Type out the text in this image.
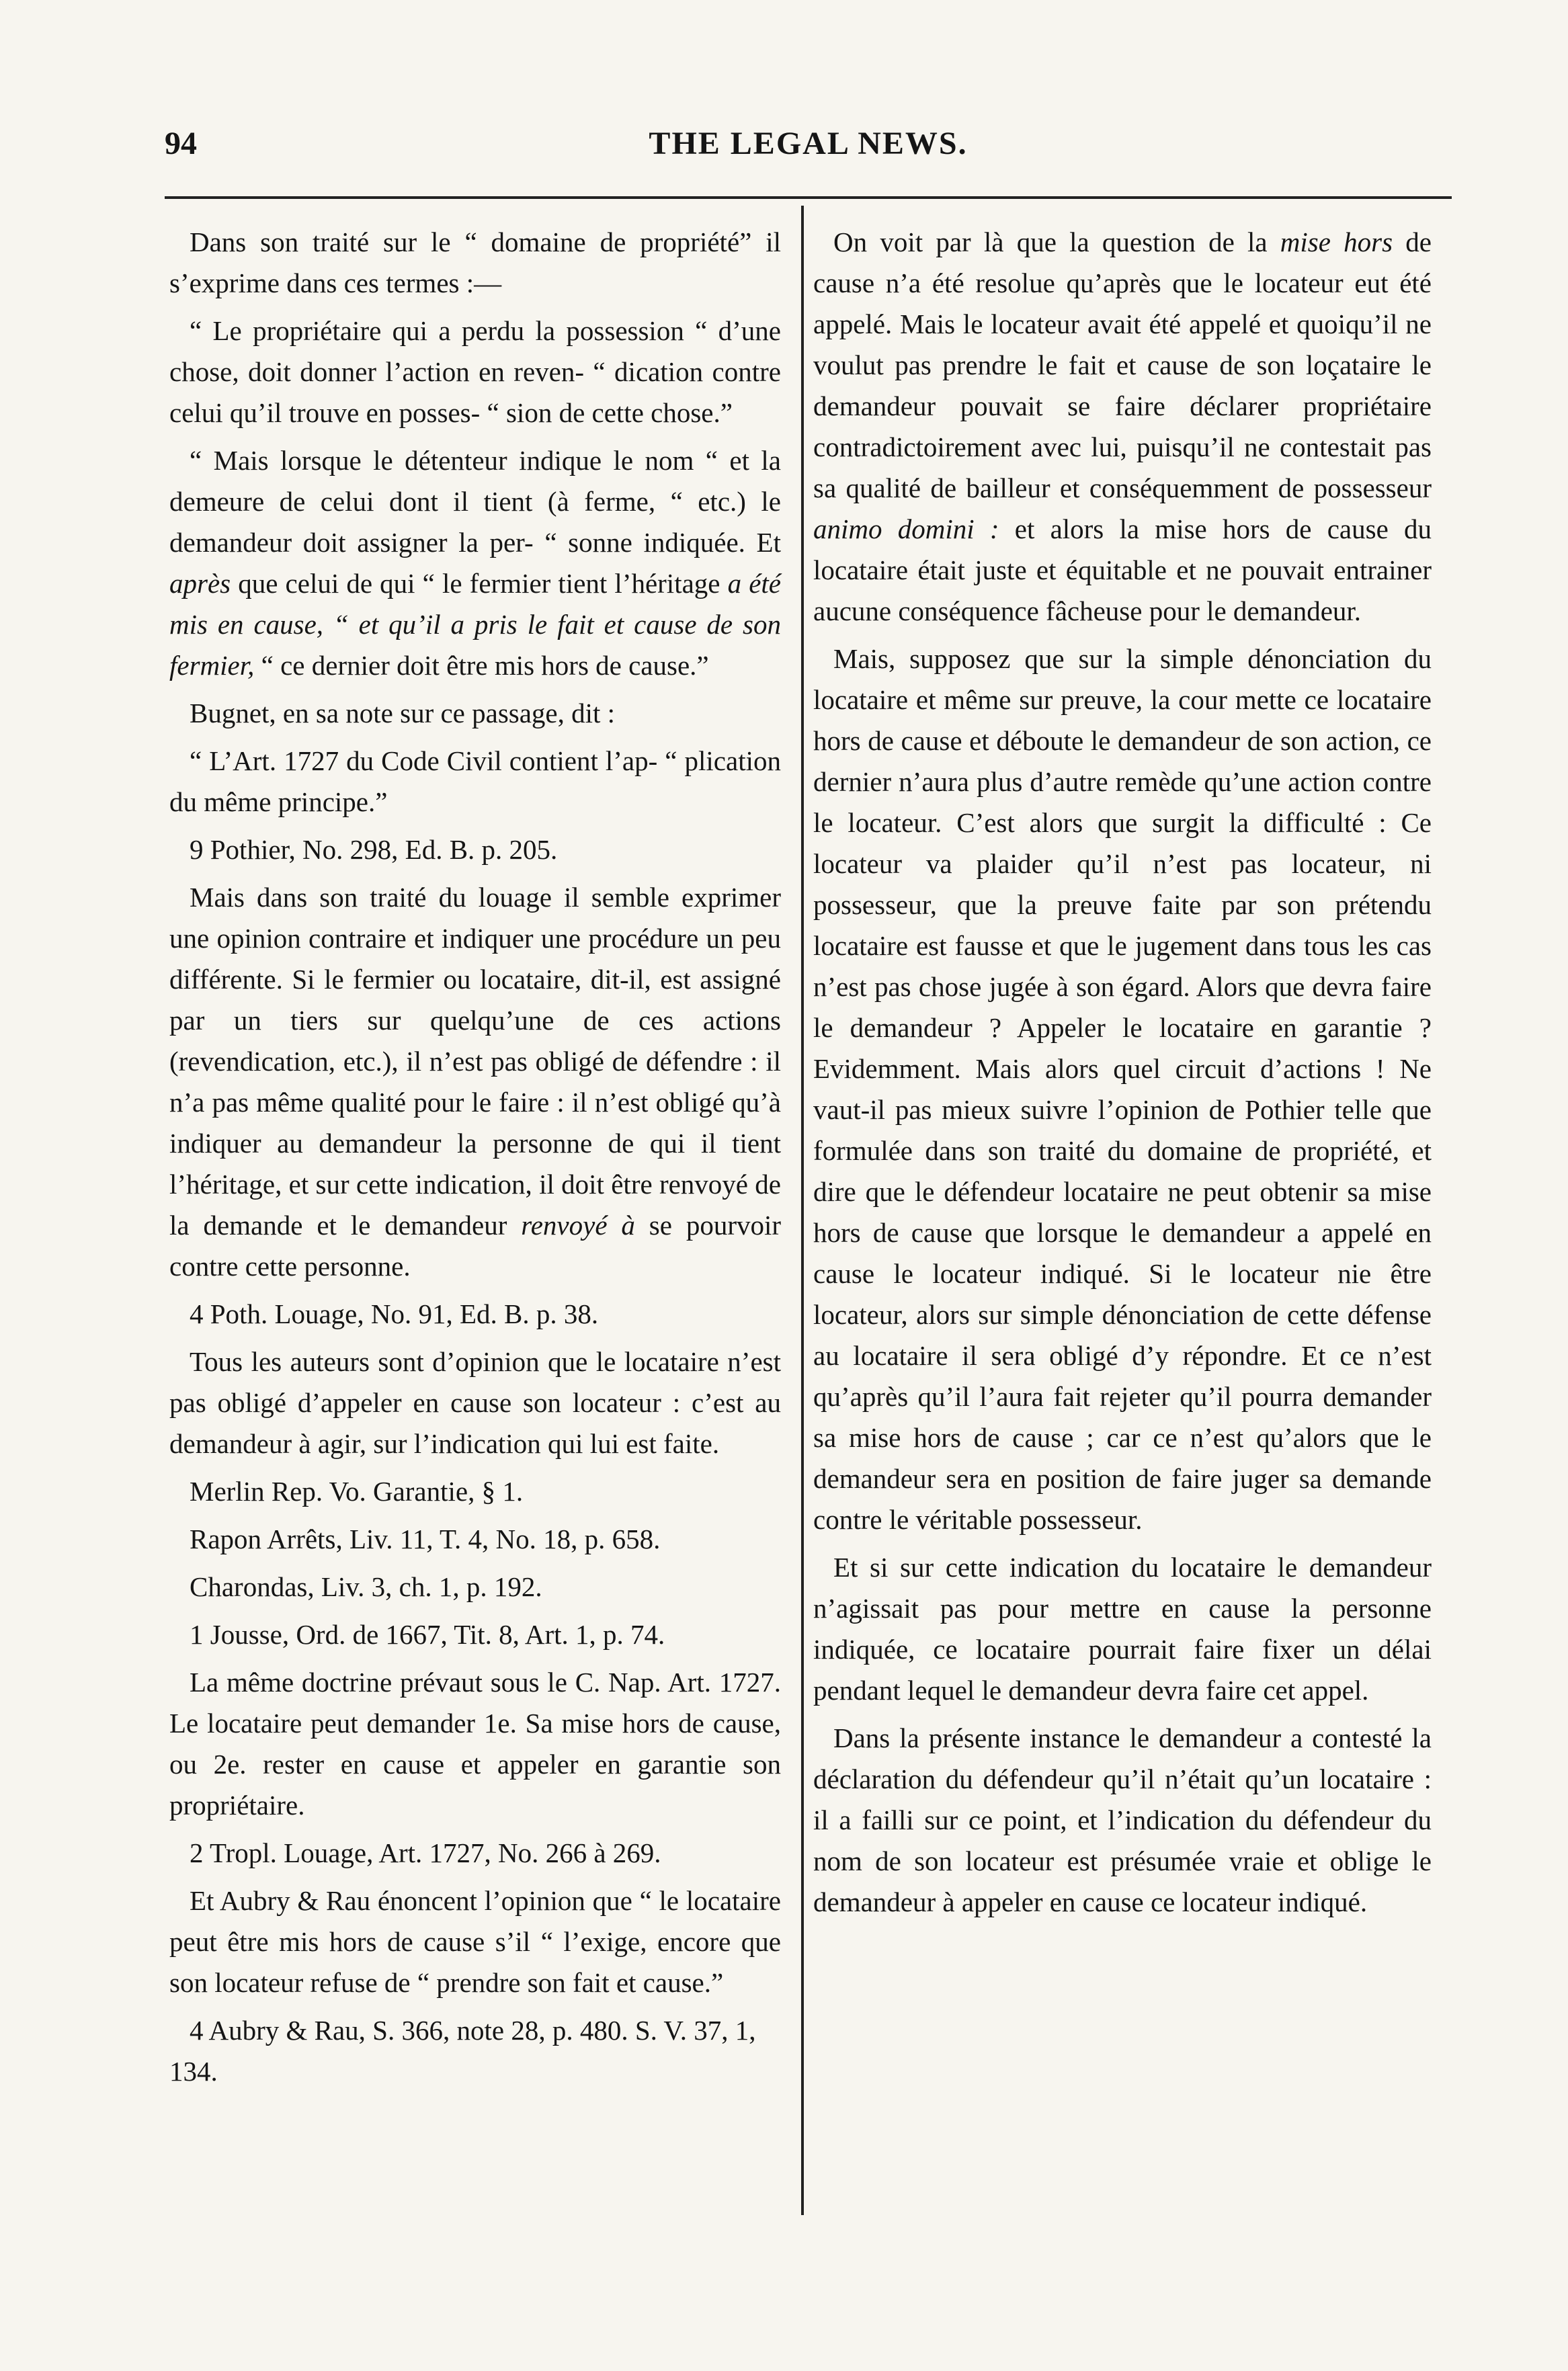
94	THE LEGAL NEWS.

Dans son traité sur le “ domaine de propriété” il s’exprime dans ces termes :—

“ Le propriétaire qui a perdu la possession “ d’une chose, doit donner l’action en reven- “ dication contre celui qu’il trouve en posses- “ sion de cette chose.”

“ Mais lorsque le détenteur indique le nom “ et la demeure de celui dont il tient (à ferme, “ etc.) le demandeur doit assigner la per- “ sonne indiquée. Et après que celui de qui “ le fermier tient l’héritage a été mis en cause, “ et qu’il a pris le fait et cause de son fermier, “ ce dernier doit être mis hors de cause.”

Bugnet, en sa note sur ce passage, dit :

“ L’Art. 1727 du Code Civil contient l’ap- “ plication du même principe.”

9 Pothier, No. 298, Ed. B. p. 205.

Mais dans son traité du louage il semble exprimer une opinion contraire et indiquer une procédure un peu différente. Si le fermier ou locataire, dit-il, est assigné par un tiers sur quelqu’une de ces actions (revendication, etc.), il n’est pas obligé de défendre : il n’a pas même qualité pour le faire : il n’est obligé qu’à indiquer au demandeur la personne de qui il tient l’héritage, et sur cette indication, il doit être renvoyé de la demande et le demandeur renvoyé à se pourvoir contre cette personne.

4 Poth. Louage, No. 91, Ed. B. p. 38.

Tous les auteurs sont d’opinion que le locataire n’est pas obligé d’appeler en cause son locateur : c’est au demandeur à agir, sur l’indication qui lui est faite.

Merlin Rep. Vo. Garantie, § 1.

Rapon Arrêts, Liv. 11, T. 4, No. 18, p. 658.

Charondas, Liv. 3, ch. 1, p. 192.

1 Jousse, Ord. de 1667, Tit. 8, Art. 1, p. 74.

La même doctrine prévaut sous le C. Nap. Art. 1727. Le locataire peut demander 1e. Sa mise hors de cause, ou 2e. rester en cause et appeler en garantie son propriétaire.

2 Tropl. Louage, Art. 1727, No. 266 à 269.

Et Aubry & Rau énoncent l’opinion que “ le locataire peut être mis hors de cause s’il “ l’exige, encore que son locateur refuse de “ prendre son fait et cause.”

4 Aubry & Rau, S. 366, note 28, p. 480. S. V. 37, 1, 134.

On voit par là que la question de la mise hors de cause n’a été resolue qu’après que le locateur eut été appelé. Mais le locateur avait été appelé et quoiqu’il ne voulut pas prendre le fait et cause de son loçataire le demandeur pouvait se faire déclarer propriétaire contradictoirement avec lui, puisqu’il ne contestait pas sa qualité de bailleur et conséquemment de possesseur animo domini : et alors la mise hors de cause du locataire était juste et équitable et ne pouvait entrainer aucune conséquence fâcheuse pour le demandeur.

Mais, supposez que sur la simple dénonciation du locataire et même sur preuve, la cour mette ce locataire hors de cause et déboute le demandeur de son action, ce dernier n’aura plus d’autre remède qu’une action contre le locateur. C’est alors que surgit la difficulté : Ce locateur va plaider qu’il n’est pas locateur, ni possesseur, que la preuve faite par son prétendu locataire est fausse et que le jugement dans tous les cas n’est pas chose jugée à son égard. Alors que devra faire le demandeur ? Appeler le locataire en garantie ? Evidemment. Mais alors quel circuit d’actions ! Ne vaut-il pas mieux suivre l’opinion de Pothier telle que formulée dans son traité du domaine de propriété, et dire que le défendeur locataire ne peut obtenir sa mise hors de cause que lorsque le demandeur a appelé en cause le locateur indiqué. Si le locateur nie être locateur, alors sur simple dénonciation de cette défense au locataire il sera obligé d’y répondre. Et ce n’est qu’après qu’il l’aura fait rejeter qu’il pourra demander sa mise hors de cause ; car ce n’est qu’alors que le demandeur sera en position de faire juger sa demande contre le véritable possesseur.

Et si sur cette indication du locataire le demandeur n’agissait pas pour mettre en cause la personne indiquée, ce locataire pourrait faire fixer un délai pendant lequel le demandeur devra faire cet appel.

Dans la présente instance le demandeur a contesté la déclaration du défendeur qu’il n’était qu’un locataire : il a failli sur ce point, et l’indication du défendeur du nom de son locateur est présumée vraie et oblige le demandeur à appeler en cause ce locateur indiqué.
